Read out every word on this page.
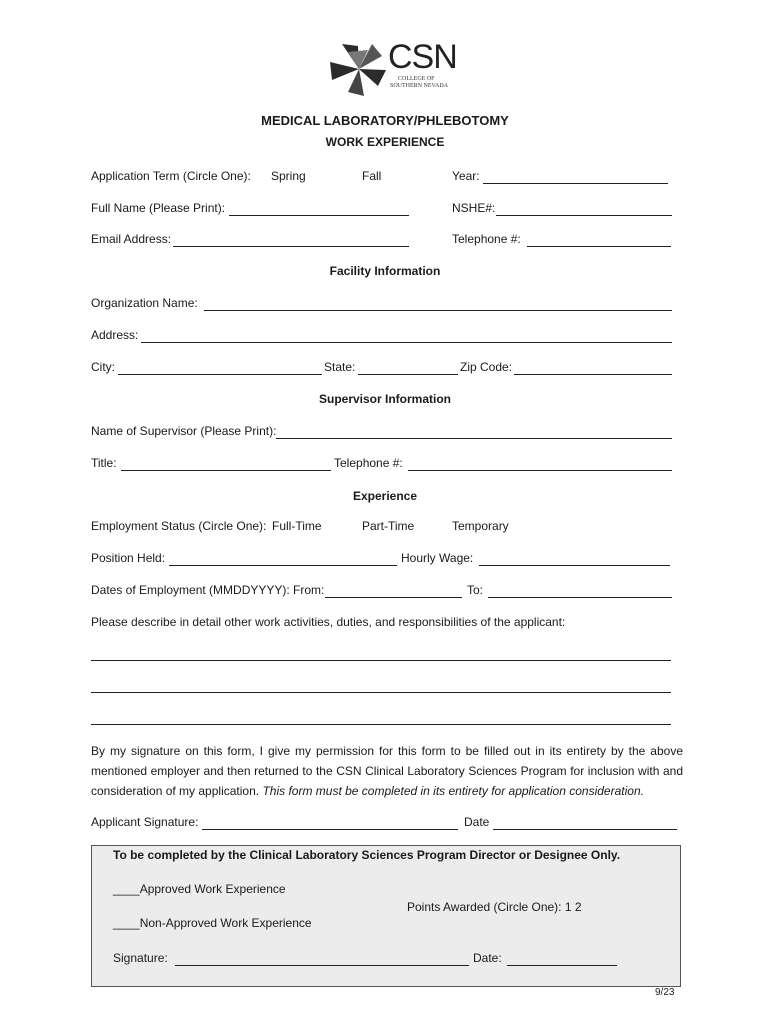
CSN
COLLEGE OF
SOUTHERN NEVADA
MEDICAL LABORATORY/PHLEBOTOMY
WORK EXPERIENCE
Application Term (Circle One): Spring	Fall	Year:
Full Name (Please Print):	NSHE#:
Email Address:	Telephone #:
Facility Information
Organization Name:
Address:
City:	State:	Zip Code:
Supervisor Information
Name of Supervisor (Please Print):
Title:	Telephone #:
Experience
Employment Status (Circle One): Full-Time	Part-Time	Temporary
Position Held:	Hourly Wage:
Dates of Employment (MMDDYYYY): From:	To:
Please describe in detail other work activities, duties, and responsibilities of the applicant:
By my signature on this form, I give my permission for this form to be filled out in its entirety by the above mentioned employer and then returned to the CSN Clinical Laboratory Sciences Program for inclusion with and consideration of my application. This form must be completed in its entirety for application consideration.
Applicant Signature:	Date
To be completed by the Clinical Laboratory Sciences Program Director or Designee Only.
____Approved Work Experience
Points Awarded (Circle One): 1 2
____Non-Approved Work Experience
Signature:	Date:
9/23
